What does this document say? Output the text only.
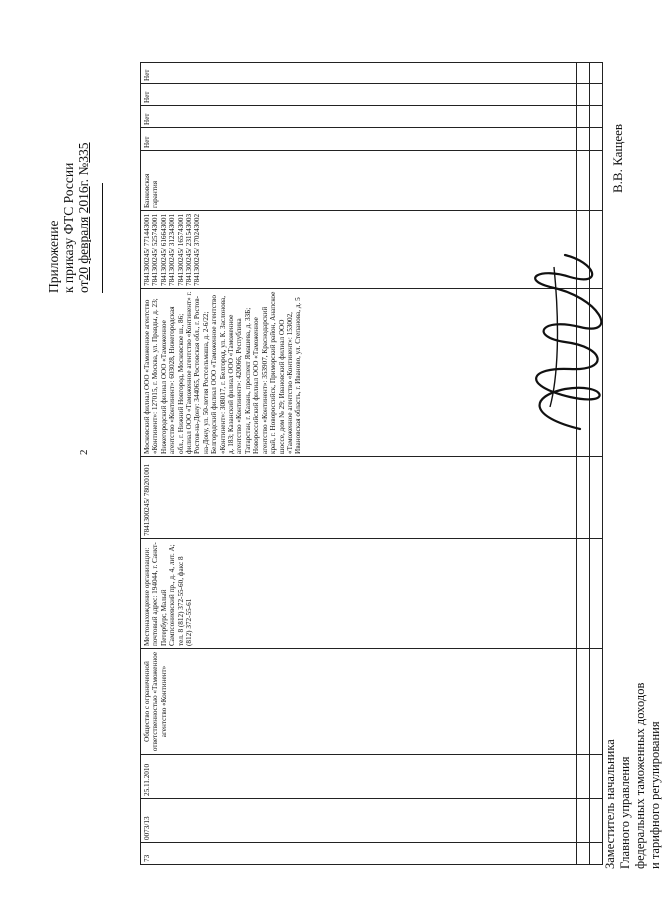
2
Приложение к приказу ФТС России от20 февраля 2016г. №335
73	0073/13	25.11.2010	Общество с ограниченной ответственностью «Таможенное агентство «Континент»	Местонахождение организации: почтовый адрес: 194044, г. Санкт-Петербург, Малый Сампсониевский пр., д. 4, лит. А; тел. 8 (812) 372-55-60, факс 8 (812) 372-55-61	7841300245/ 780201001	Московский филиал ООО «Таможенное агентство «Континент»: 127015, г. Москва, ул. Правды, д. 23; Нижегородский филиал ООО «Таможенное агентство «Континент»: 603028, Нижегородская обл., г. Нижний Новгород, Московское ш., 86; филиал ООО «Таможенное агентство «Континент» г. Ростов-на-Дону: 344065, Ростовская обл., г. Ростов-на-Дону, ул. 50-летия Ростсельмаша, д. 2-6/22; Белгородский филиал ООО «Таможенное агентство «Континент»: 308017, г. Белгород, ул. К. Заслонова, д. 183; Казанский филиал ООО «Таможенное агентство «Континент»: 420066, Республика Татарстан, г. Казань, проспект Ямашева, д. 33Б; Новороссийский филиал ООО «Таможенное агентство «Континент»: 353907, Краснодарский край, г. Новороссийск, Приморский район, Анапское шоссе, дом № 29; Ивановский филиал ООО «Таможенное агентство «Континент»: 153002, Ивановская область, г. Иваново, ул. Степанова, д. 5	7841300245/ 771443001 7841300245/ 525743001 7841300245/ 616643001 7841300245/ 312343001 7841300245/ 165743001 7841300245/ 231543003 7841300245/ 370243002	Банковская гарантия	Нет	Нет	Нет	Нет

Заместитель начальника Главного управления федеральных таможенных доходов и тарифного регулирования
В.В. Кащеев
